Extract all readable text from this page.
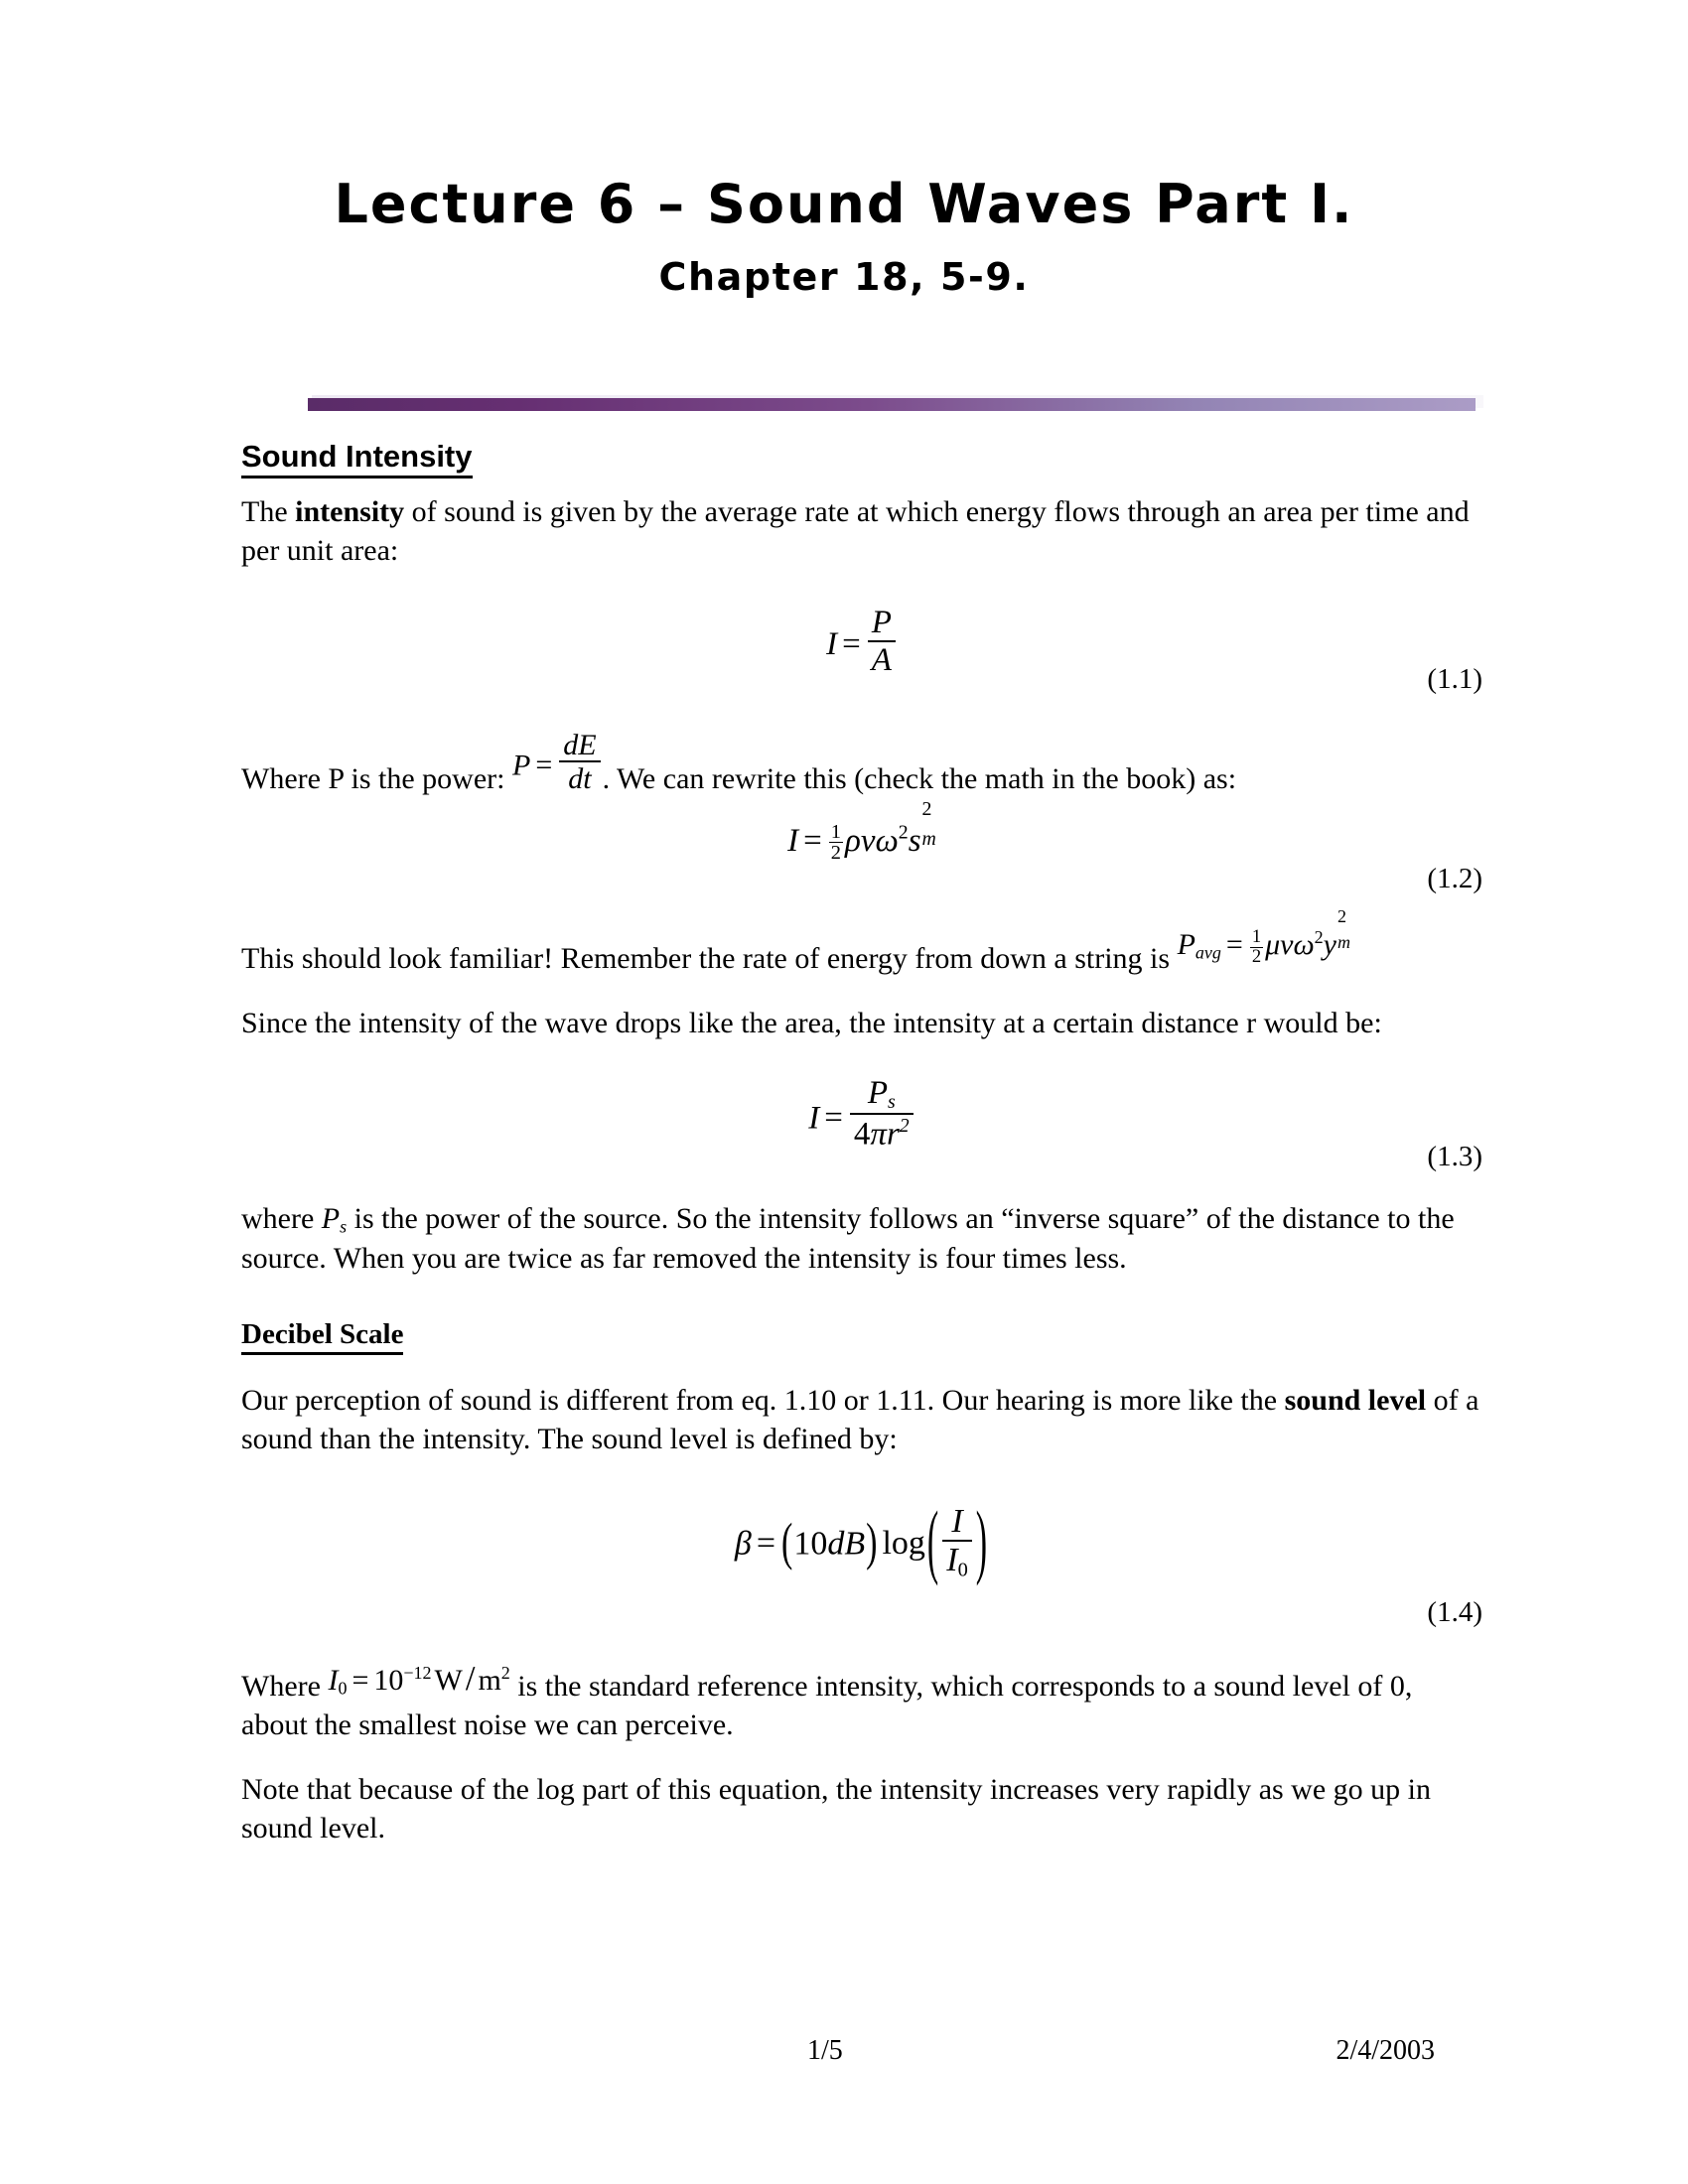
Lecture 6 – Sound Waves Part I.
Chapter 18, 5-9.
Sound Intensity

The intensity of sound is given by the average rate at which energy flows through an area per time and per unit area:

$I = \frac{P}{A}$
(1.1)

Where P is the power: $P = \frac{dE}{dt}$ . We can rewrite this (check the math in the book) as:

$I = \frac{1}{2} \rho v\omega^2s$
2
m
(1.2)

This should look familiar! Remember the rate of energy from down a string is $P_{avg} = \frac{1}{2} \mu v\omega^2y$
2
m

Since the intensity of the wave drops like the area, the intensity at a certain distance r would be:

$I = \frac{P_s}{4\pi r^2}$
(1.3)

where $P_s$ is the power of the source. So the intensity follows an “inverse square” of the distance to the source. When you are twice as far removed the intensity is four times less.

Decibel Scale

Our perception of sound is different from eq. 1.10 or 1.11. Our hearing is more like the sound level of a sound than the intensity. The sound level is defined by:

β = (10dB) $\log( \frac{I}{I_0}$ )
(1.4)

Where $I_0 = 10^{-12}$ W/ $m^2$ is the standard reference intensity, which corresponds to a sound level of 0, about the smallest noise we can perceive.

Note that because of the log part of this equation, the intensity increases very rapidly as we go up in sound level.

1/5	2/4/2003
